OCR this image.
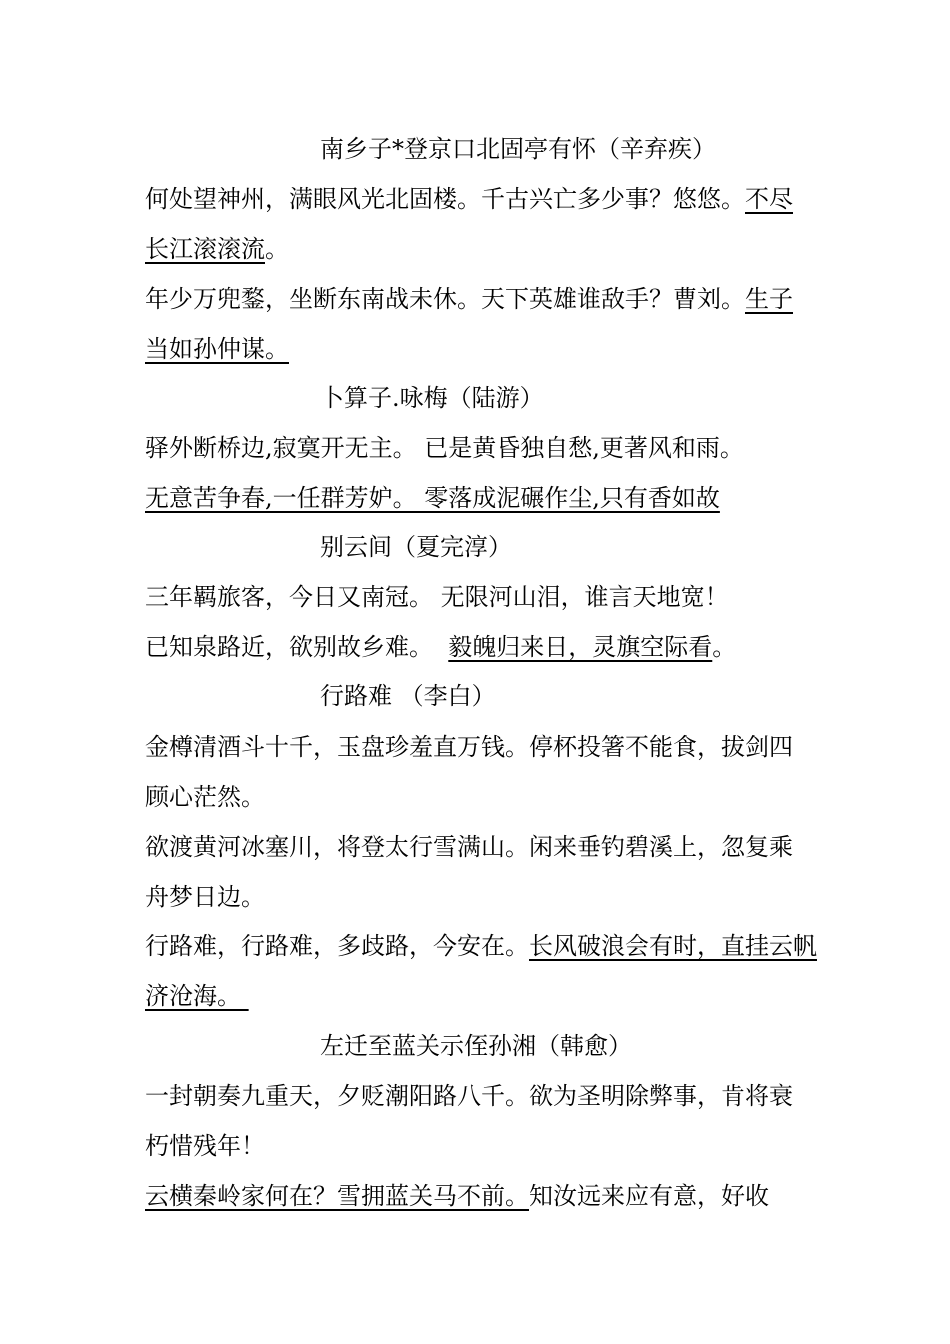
南乡子*登京口北固亭有怀（辛弃疾）
何处望神州，满眼风光北固楼。千古兴亡多少事？悠悠。不尽
长江滚滚流。
年少万兜鍪，坐断东南战未休。天下英雄谁敌手？曹刘。生子
当如孙仲谋。
卜算子.咏梅（陆游）
驿外断桥边,寂寞开无主。 已是黄昏独自愁,更著风和雨。
无意苦争春,一任群芳妒。 零落成泥碾作尘,只有香如故
别云间（夏完淳）
三年羁旅客，今日又南冠。 无限河山泪，谁言天地宽！
已知泉路近，欲别故乡难。  毅魄归来日，灵旗空际看。
行路难 （李白）
金樽清酒斗十千，玉盘珍羞直万钱。停杯投箸不能食，拔剑四
顾心茫然。
欲渡黄河冰塞川，将登太行雪满山。闲来垂钓碧溪上，忽复乘
舟梦日边。
行路难，行路难，多歧路，今安在。长风破浪会有时，直挂云帆
济沧海。
左迁至蓝关示侄孙湘（韩愈）
一封朝奏九重天，夕贬潮阳路八千。欲为圣明除弊事，肯将衰
朽惜残年！
云横秦岭家何在？雪拥蓝关马不前。知汝远来应有意，好收
